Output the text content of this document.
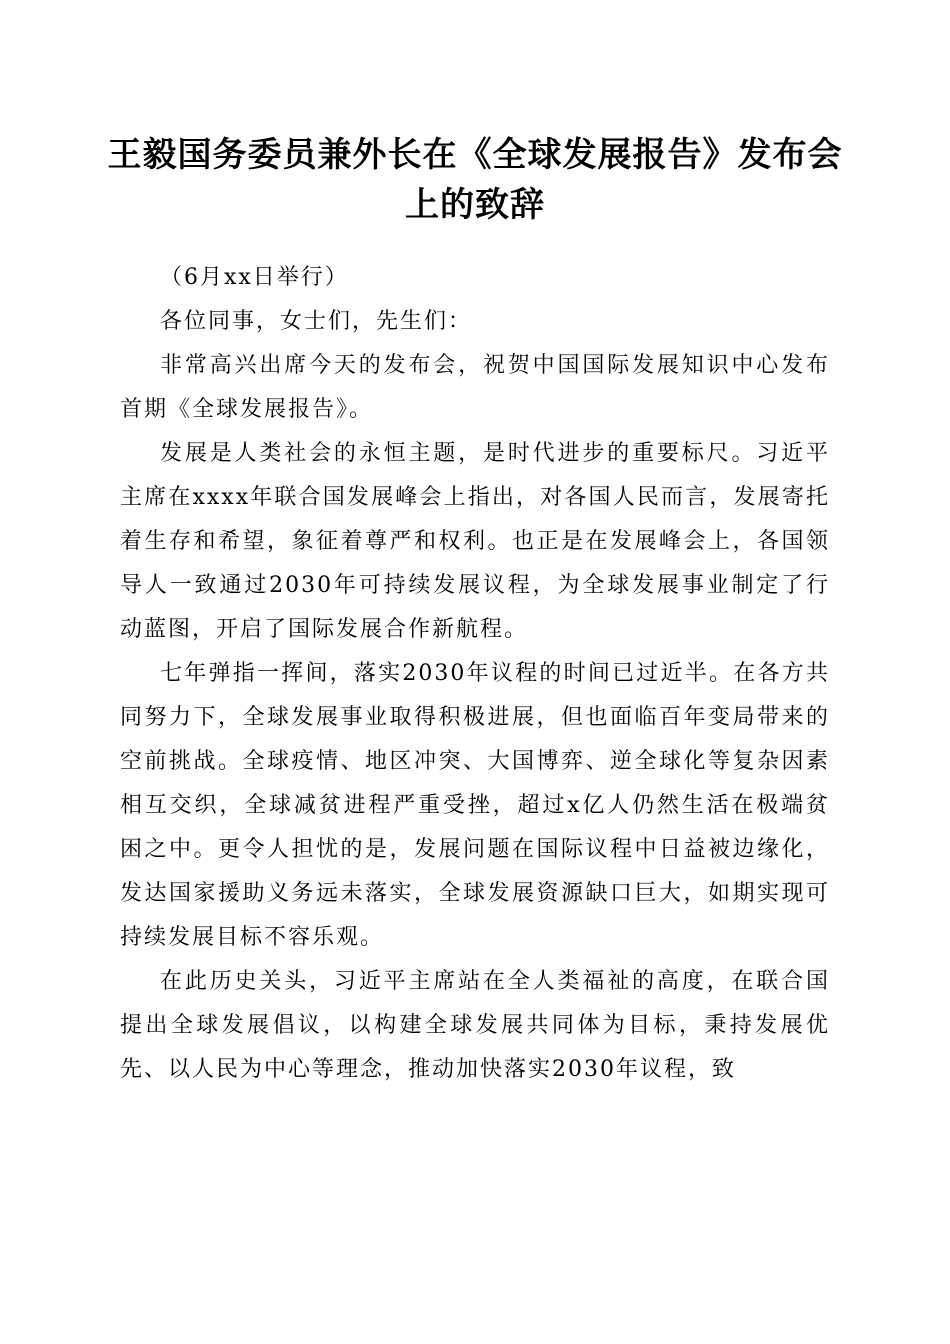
王毅国务委员兼外长在《全球发展报告》发布会上的致辞

（6月xx日举行）

各位同事，女士们，先生们：

非常高兴出席今天的发布会，祝贺中国国际发展知识中心发布首期《全球发展报告》。

发展是人类社会的永恒主题，是时代进步的重要标尺。习近平主席在xxxx年联合国发展峰会上指出，对各国人民而言，发展寄托着生存和希望，象征着尊严和权利。也正是在发展峰会上，各国领导人一致通过2030年可持续发展议程，为全球发展事业制定了行动蓝图，开启了国际发展合作新航程。

七年弹指一挥间，落实2030年议程的时间已过近半。在各方共同努力下，全球发展事业取得积极进展，但也面临百年变局带来的空前挑战。全球疫情、地区冲突、大国博弈、逆全球化等复杂因素相互交织，全球减贫进程严重受挫，超过x亿人仍然生活在极端贫困之中。更令人担忧的是，发展问题在国际议程中日益被边缘化，发达国家援助义务远未落实，全球发展资源缺口巨大，如期实现可持续发展目标不容乐观。

在此历史关头，习近平主席站在全人类福祉的高度，在联合国提出全球发展倡议，以构建全球发展共同体为目标，秉持发展优先、以人民为中心等理念，推动加快落实2030年议程，致
